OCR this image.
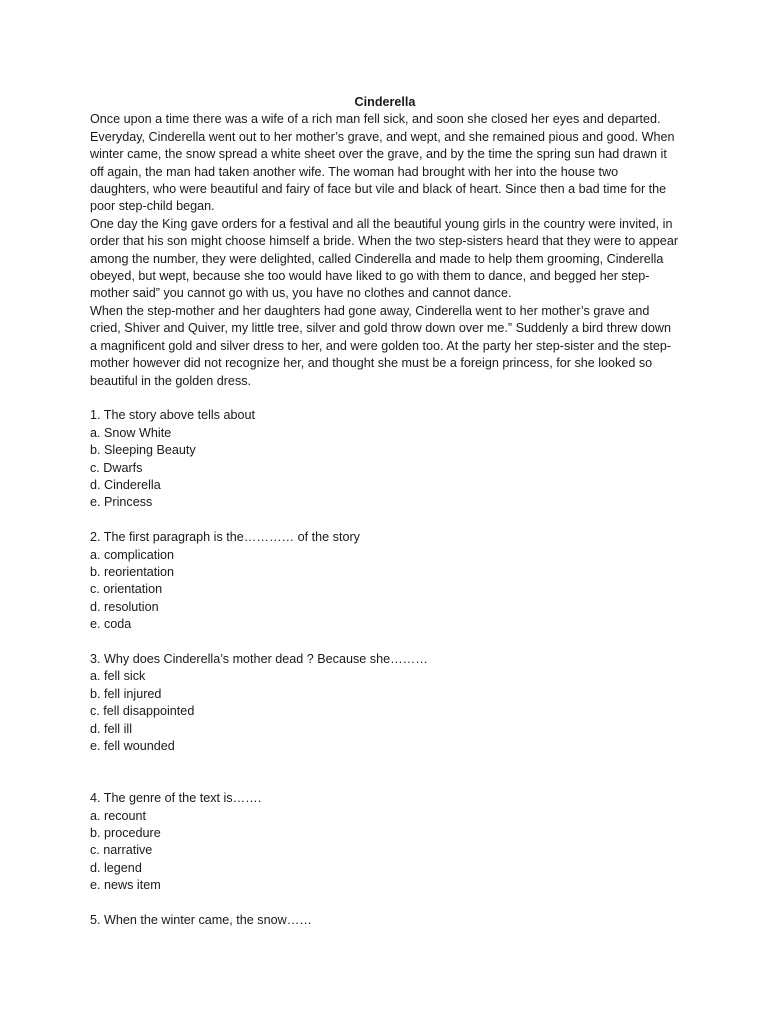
Cinderella

Once upon a time there was a wife of a rich man fell sick, and soon she closed her eyes and departed. Everyday, Cinderella went out to her mother’s grave, and wept, and she remained pious and good. When winter came, the snow spread a white sheet over the grave, and by the time the spring sun had drawn it off again, the man had taken another wife. The woman had brought with her into the house two daughters, who were beautiful and fairy of face but vile and black of heart. Since then a bad time for the poor step-child began.

One day the King gave orders for a festival and all the beautiful young girls in the country were invited, in order that his son might choose himself a bride. When the two step-sisters heard that they were to appear among the number, they were delighted, called Cinderella and made to help them grooming, Cinderella obeyed, but wept, because she too would have liked to go with them to dance, and begged her step-mother said” you cannot go with us, you have no clothes and cannot dance.

When the step-mother and her daughters had gone away, Cinderella went to her mother’s grave and cried, Shiver and Quiver, my little tree, silver and gold throw down over me.” Suddenly a bird threw down a magnificent gold and silver dress to her, and were golden too. At the party her step-sister and the step-mother however did not recognize her, and thought she must be a foreign princess, for she looked so beautiful in the golden dress.

1. The story above tells about

a. Snow White
b. Sleeping Beauty
c. Dwarfs
d. Cinderella
e. Princess

2. The first paragraph is the………… of the story

a. complication
b. reorientation
c. orientation
d. resolution
e. coda

3. Why does Cinderella’s mother dead ? Because she………

a. fell sick
b. fell injured
c. fell disappointed
d. fell ill
e. fell wounded

4. The genre of the text is…….

a. recount
b. procedure
c. narrative
d. legend
e. news item

5. When the winter came, the snow……
